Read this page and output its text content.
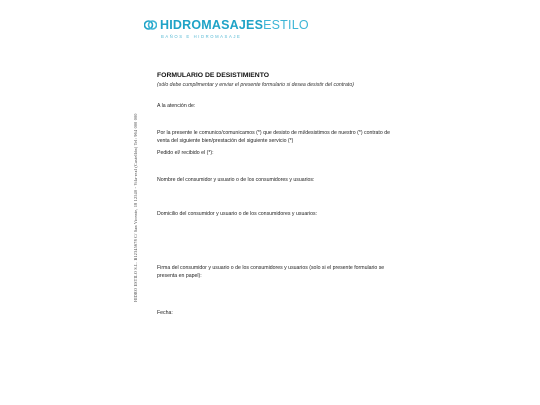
HIDROMASAJESESTILO
BAÑOS E HIDROMASAJE
HIDRO ESTILO S.L. B12345678 C/ San Vicente, 18 12540 - Vila-real (Castellón) Tel: 964 000 000
FORMULARIO DE DESISTIMIENTO
(sólo debe cumplimentar y enviar el presente formulario si desea desistir del contrato)
A la atención de:
Por la presente le comunico/comunicamos (*) que desisto de mi/desistimos de nuestro (*) contrato de venta del siguiente bien/prestación del siguiente servicio (*)
Pedido el/ recibido el (*):
Nombre del consumidor y usuario o de los consumidores y usuarios:
Domicilio del consumidor y usuario o de los consumidores y usuarios:
Firma del consumidor y usuario o de los consumidores y usuarios (solo si el presente formulario se presenta en papel):
Fecha:
